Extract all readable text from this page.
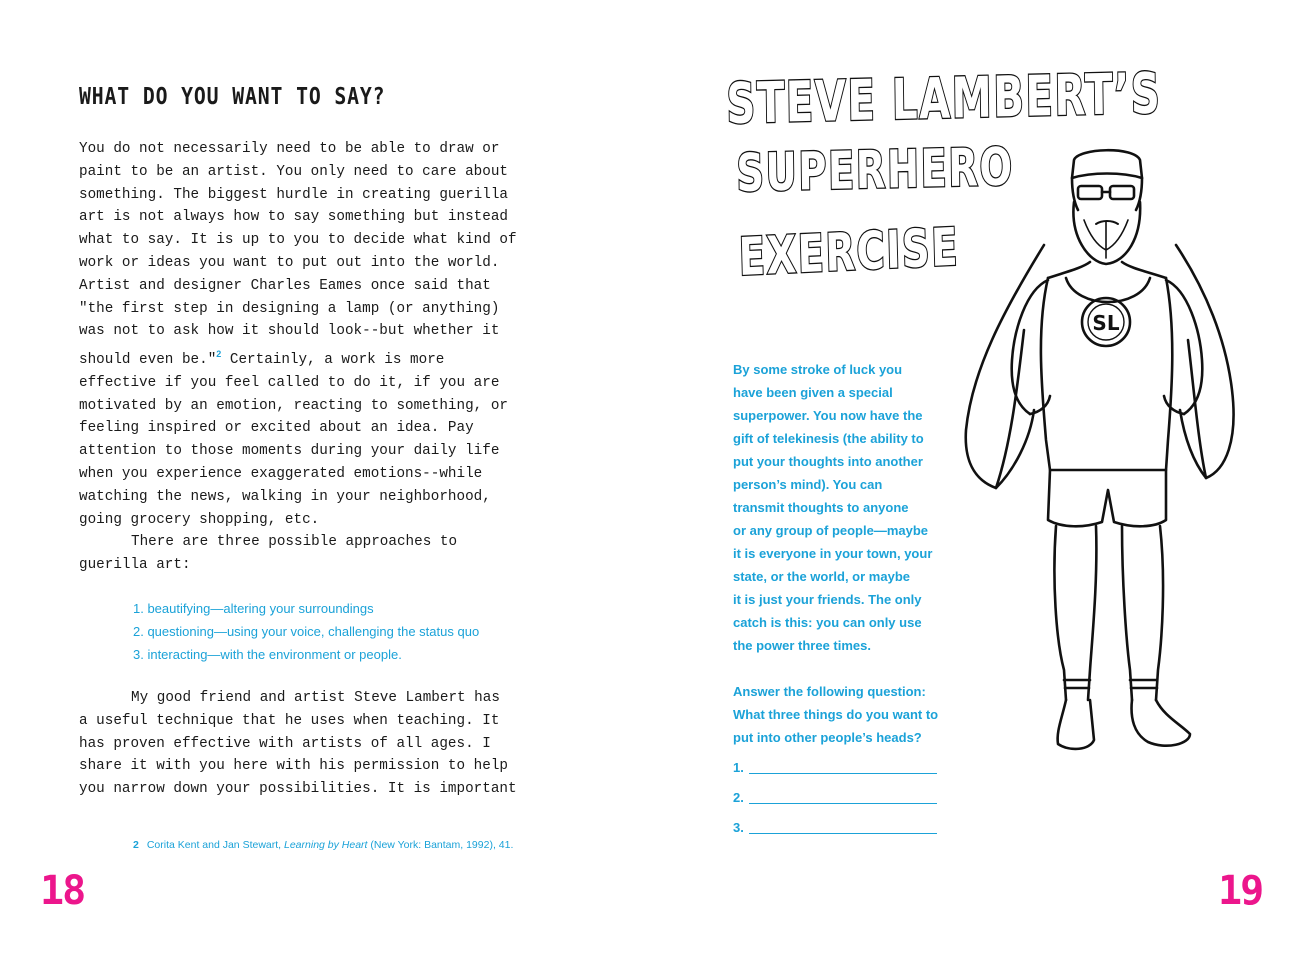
WHAT DO YOU WANT TO SAY?
You do not necessarily need to be able to draw or
paint to be an artist. You only need to care about
something. The biggest hurdle in creating guerilla
art is not always how to say something but instead
what to say. It is up to you to decide what kind of
work or ideas you want to put out into the world.
Artist and designer Charles Eames once said that
"the first step in designing a lamp (or anything)
was not to ask how it should look--but whether it
should even be."$^2$ Certainly, a work is more
effective if you feel called to do it, if you are
motivated by an emotion, reacting to something, or
feeling inspired or excited about an idea. Pay
attention to those moments during your daily life
when you experience exaggerated emotions--while
watching the news, walking in your neighborhood,
going grocery shopping, etc.
There are three possible approaches to
guerilla art:
1. beautifying—altering your surroundings
2. questioning—using your voice, challenging the status quo
3. interacting—with the environment or people.
My good friend and artist Steve Lambert has
a useful technique that he uses when teaching. It
has proven effective with artists of all ages. I
share it with you here with his permission to help
you narrow down your possibilities. It is important
2 Corita Kent and Jan Stewart, Learning by Heart (New York: Bantam, 1992), 41.
18
STEVE LAMBERT’S
SUPERHERO
EXERCISE
By some stroke of luck you
have been given a special
superpower. You now have the
gift of telekinesis (the ability to
put your thoughts into another
person’s mind). You can
transmit thoughts to anyone
or any group of people—maybe
it is everyone in your town, your
state, or the world, or maybe
it is just your friends. The only
catch is this: you can only use
the power three times.
Answer the following question:
What three things do you want to
put into other people’s heads?
1.
2.
3.
SL
19
